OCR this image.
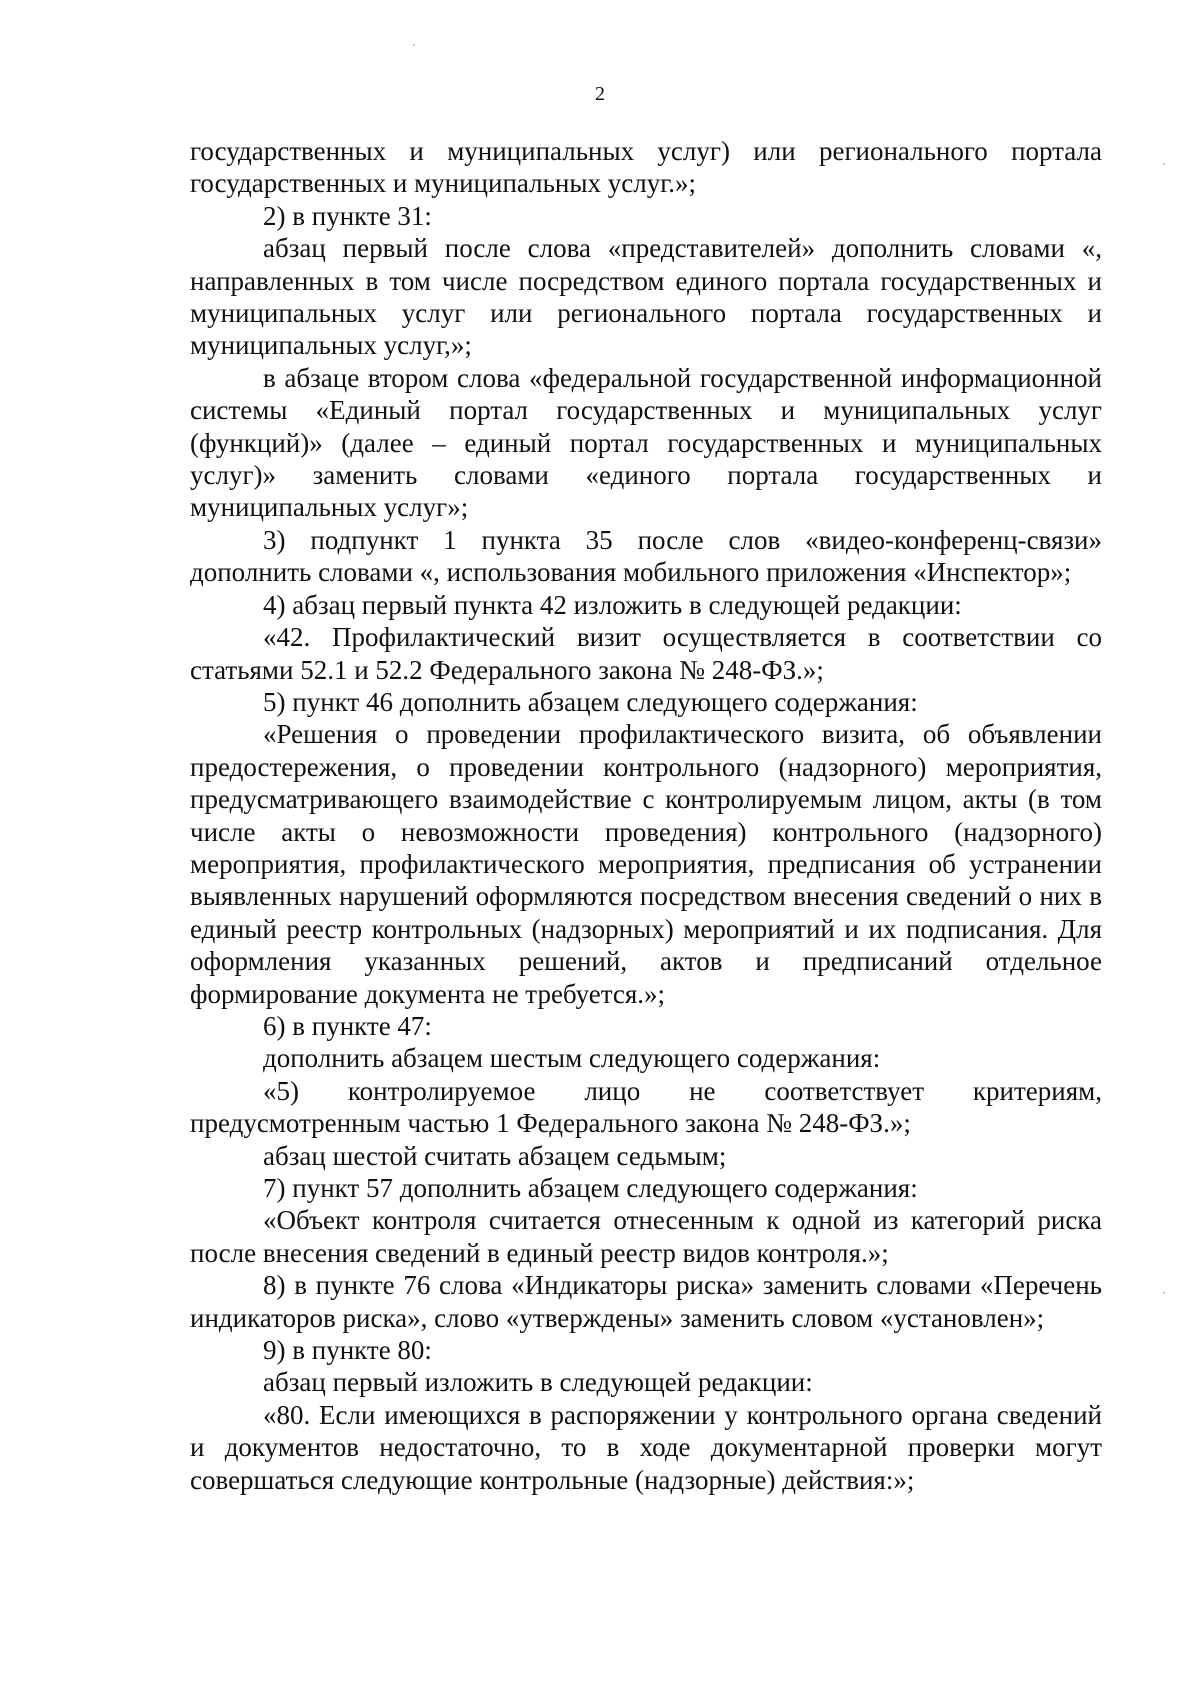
2

государственных и муниципальных услуг) или регионального портала государственных и муниципальных услуг.»;

2) в пункте 31:

абзац первый после слова «представителей» дополнить словами «, направленных в том числе посредством единого портала государственных и муниципальных услуг или регионального портала государственных и муниципальных услуг,»;

в абзаце втором слова «федеральной государственной информационной системы «Единый портал государственных и муниципальных услуг (функций)» (далее – единый портал государственных и муниципальных услуг)» заменить словами «единого портала государственных и муниципальных услуг»;

3) подпункт 1 пункта 35 после слов «видео-конференц-связи» дополнить словами «, использования мобильного приложения «Инспектор»;

4) абзац первый пункта 42 изложить в следующей редакции:

«42. Профилактический визит осуществляется в соответствии со статьями 52.1 и 52.2 Федерального закона № 248-ФЗ.»;

5) пункт 46 дополнить абзацем следующего содержания:

«Решения о проведении профилактического визита, об объявлении предостережения, о проведении контрольного (надзорного) мероприятия, предусматривающего взаимодействие с контролируемым лицом, акты (в том числе акты о невозможности проведения) контрольного (надзорного) мероприятия, профилактического мероприятия, предписания об устранении выявленных нарушений оформляются посредством внесения сведений о них в единый реестр контрольных (надзорных) мероприятий и их подписания. Для оформления указанных решений, актов и предписаний отдельное формирование документа не требуется.»;

6) в пункте 47:

дополнить абзацем шестым следующего содержания:

«5) контролируемое лицо не соответствует критериям, предусмотренным частью 1 Федерального закона № 248-ФЗ.»;

абзац шестой считать абзацем седьмым;

7) пункт 57 дополнить абзацем следующего содержания:

«Объект контроля считается отнесенным к одной из категорий риска после внесения сведений в единый реестр видов контроля.»;

8) в пункте 76 слова «Индикаторы риска» заменить словами «Перечень индикаторов риска», слово «утверждены» заменить словом «установлен»;

9) в пункте 80:

абзац первый изложить в следующей редакции:

«80. Если имеющихся в распоряжении у контрольного органа сведений и документов недостаточно, то в ходе документарной проверки могут совершаться следующие контрольные (надзорные) действия:»;
